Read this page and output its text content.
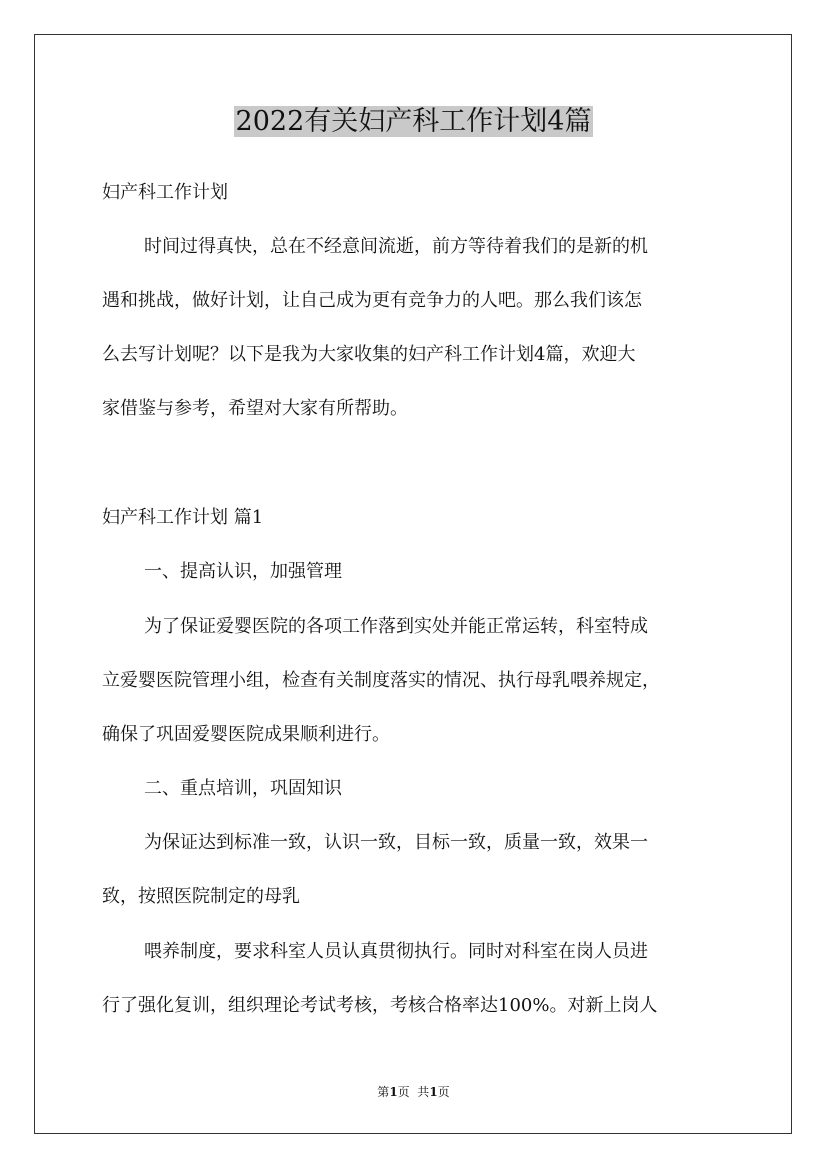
2022有关妇产科工作计划4篇

妇产科工作计划

时间过得真快，总在不经意间流逝，前方等待着我们的是新的机

遇和挑战，做好计划，让自己成为更有竞争力的人吧。那么我们该怎

么去写计划呢？以下是我为大家收集的妇产科工作计划4篇，欢迎大

家借鉴与参考，希望对大家有所帮助。

妇产科工作计划 篇1

一、提高认识，加强管理

为了保证爱婴医院的各项工作落到实处并能正常运转，科室特成

立爱婴医院管理小组，检查有关制度落实的情况、执行母乳喂养规定，

确保了巩固爱婴医院成果顺利进行。

二、重点培训，巩固知识

为保证达到标准一致，认识一致，目标一致，质量一致，效果一

致，按照医院制定的母乳

喂养制度，要求科室人员认真贯彻执行。同时对科室在岗人员进

行了强化复训，组织理论考试考核，考核合格率达100%。对新上岗人

第1页  共1页
